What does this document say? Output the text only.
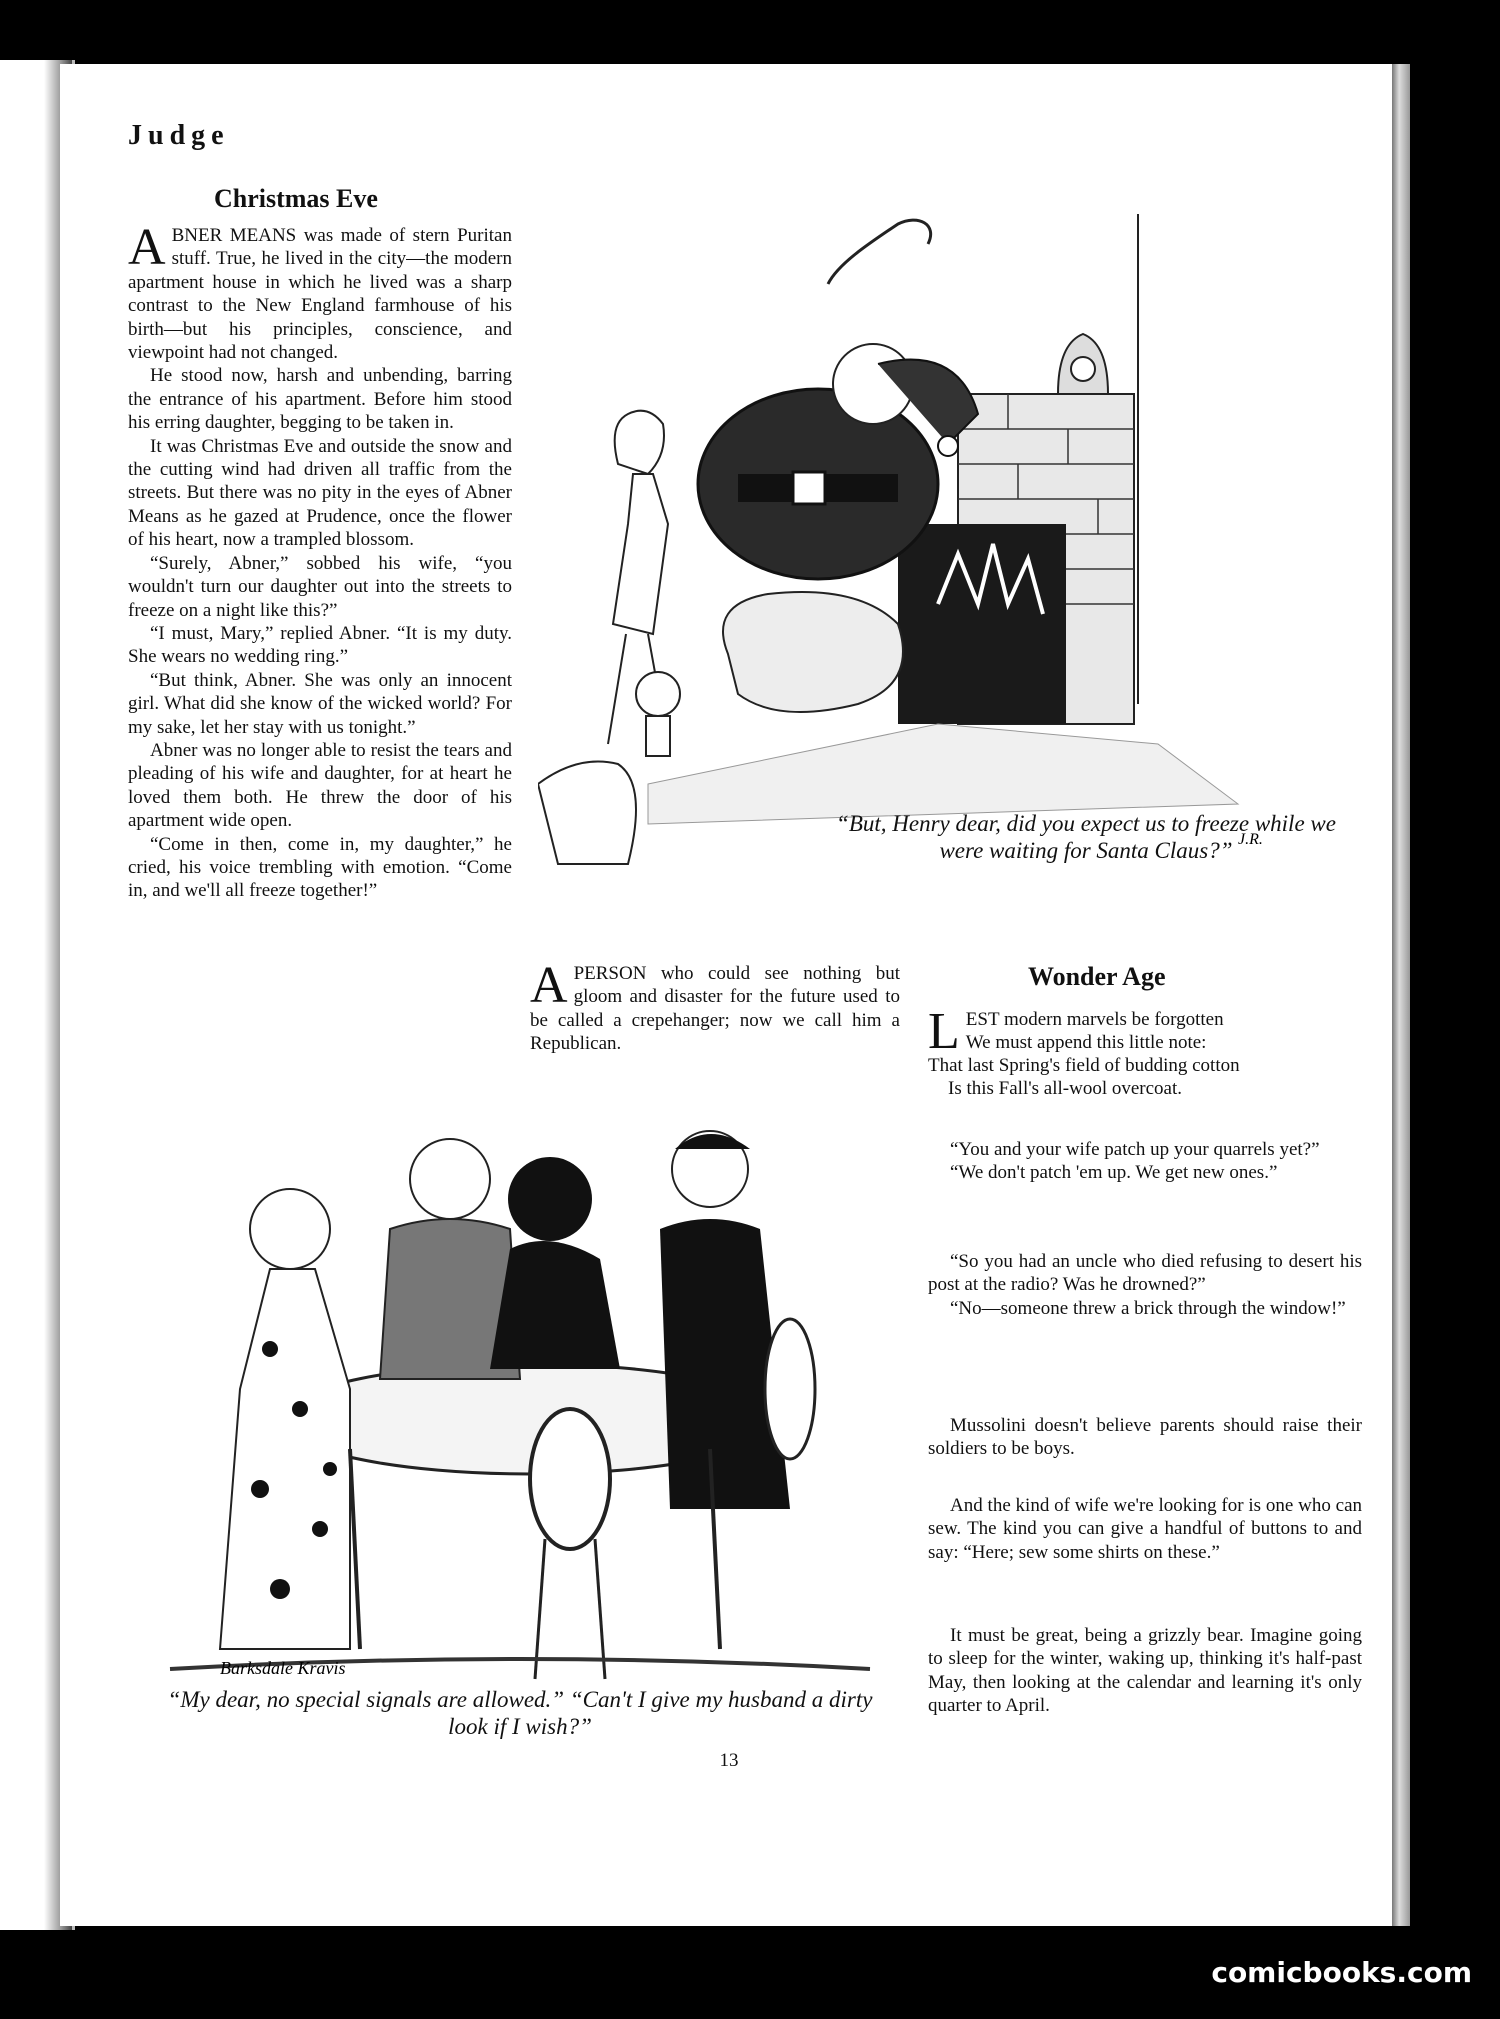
Judge
Christmas Eve

ABNER MEANS was made of stern Puritan stuff. True, he lived in the city—the modern apartment house in which he lived was a sharp contrast to the New England farmhouse of his birth—but his principles, conscience, and viewpoint had not changed.

He stood now, harsh and unbending, barring the entrance of his apartment. Before him stood his erring daughter, begging to be taken in.

It was Christmas Eve and outside the snow and the cutting wind had driven all traffic from the streets. But there was no pity in the eyes of Abner Means as he gazed at Prudence, once the flower of his heart, now a trampled blossom.

“Surely, Abner,” sobbed his wife, “you wouldn't turn our daughter out into the streets to freeze on a night like this?”

“I must, Mary,” replied Abner. “It is my duty. She wears no wedding ring.”

“But think, Abner. She was only an innocent girl. What did she know of the wicked world? For my sake, let her stay with us tonight.”

Abner was no longer able to resist the tears and pleading of his wife and daughter, for at heart he loved them both. He threw the door of his apartment wide open.

“Come in then, come in, my daughter,” he cried, his voice trembling with emotion. “Come in, and we'll all freeze together!”

J.R.
“But, Henry dear, did you expect us to freeze while we were waiting for Santa Claus?”

APERSON who could see nothing but gloom and disaster for the future used to be called a crepehanger; now we call him a Republican.

Wonder Age
L EST modern marvels be forgotten
We must append this little note:
That last Spring's field of budding cotton
Is this Fall's all-wool overcoat.

“You and your wife patch up your quarrels yet?”

“We don't patch 'em up. We get new ones.”

“So you had an uncle who died refusing to desert his post at the radio? Was he drowned?”

“No—someone threw a brick through the window!”

Mussolini doesn't believe parents should raise their soldiers to be boys.

And the kind of wife we're looking for is one who can sew. The kind you can give a handful of buttons to and say: “Here; sew some shirts on these.”

It must be great, being a grizzly bear. Imagine going to sleep for the winter, waking up, thinking it's half-past May, then looking at the calendar and learning it's only quarter to April.

Barksdale Kravis
“My dear, no special signals are allowed.” “Can't I give my husband a dirty look if I wish?”
13
comicbooks.com
